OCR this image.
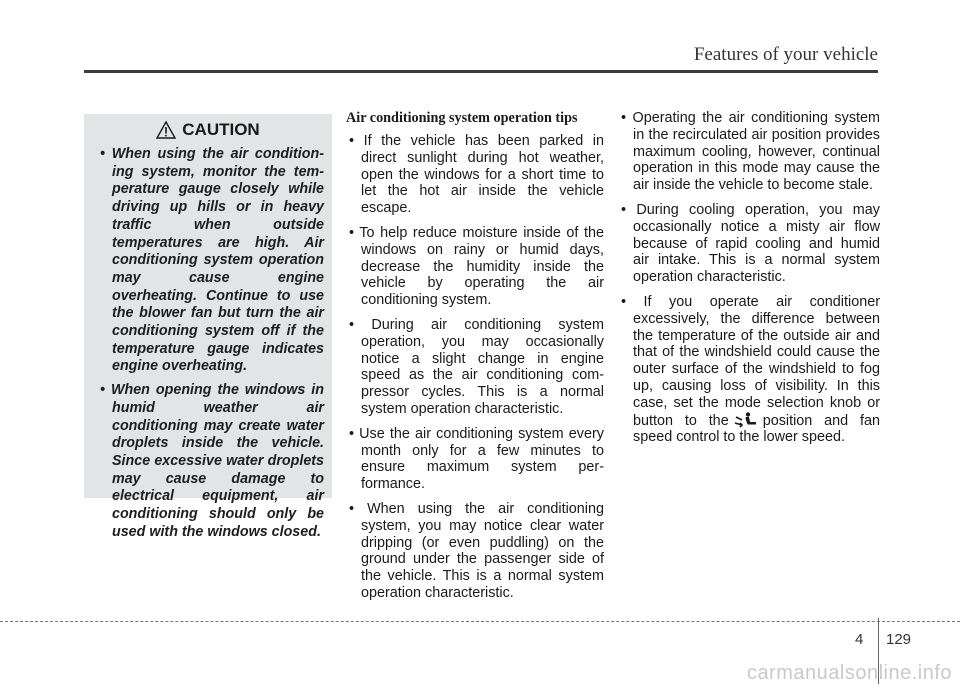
Features of your vehicle
CAUTION
• When using the air conditioning system, monitor the temperature gauge closely while driving up hills or in heavy traffic when outside temperatures are high. Air conditioning system operation may cause engine overheating. Continue to use the blower fan but turn the air conditioning system off if the temperature gauge indicates engine overheating.
• When opening the windows in humid weather air conditioning may create water droplets inside the vehicle. Since excessive water droplets may cause damage to electrical equipment, air conditioning should only be used with the windows closed.
Air conditioning system operation tips
• If the vehicle has been parked in direct sunlight during hot weather, open the windows for a short time to let the hot air inside the vehicle escape.
• To help reduce moisture inside of the windows on rainy or humid days, decrease the humidity inside the vehicle by operating the air conditioning system.
• During air conditioning system operation, you may occasionally notice a slight change in engine speed as the air conditioning compressor cycles. This is a normal system operation characteristic.
• Use the air conditioning system every month only for a few minutes to ensure maximum system performance.
• When using the air conditioning system, you may notice clear water dripping (or even puddling) on the ground under the passenger side of the vehicle. This is a normal system operation characteristic.
• Operating the air conditioning system in the recirculated air position provides maximum cooling, however, continual operation in this mode may cause the air inside the vehicle to become stale.
• During cooling operation, you may occasionally notice a misty air flow because of rapid cooling and humid air intake. This is a normal system operation characteristic.
• If you operate air conditioner excessively, the difference between the temperature of the outside air and that of the windshield could cause the outer surface of the windshield to fog up, causing loss of visibility. In this case, set the mode selection knob or button to the position and fan speed control to the lower speed.
4 129
carmanualsonline.info
